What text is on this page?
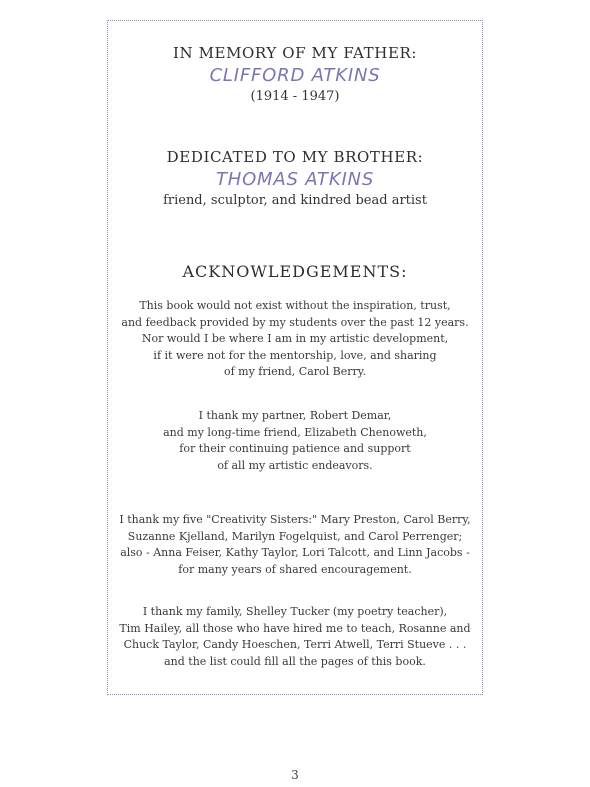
IN MEMORY OF MY FATHER:
CLIFFORD ATKINS
(1914 - 1947)
DEDICATED TO MY BROTHER:
THOMAS ATKINS
friend, sculptor, and kindred bead artist
ACKNOWLEDGEMENTS:
This book would not exist without the inspiration, trust,
and feedback provided by my students over the past 12 years.
Nor would I be where I am in my artistic development,
if it were not for the mentorship, love, and sharing
of my friend, Carol Berry.
I thank my partner, Robert Demar,
and my long-time friend, Elizabeth Chenoweth,
for their continuing patience and support
of all my artistic endeavors.
I thank my five "Creativity Sisters:" Mary Preston, Carol Berry,
Suzanne Kjelland, Marilyn Fogelquist, and Carol Perrenger;
also - Anna Feiser, Kathy Taylor, Lori Talcott, and Linn Jacobs -
for many years of shared encouragement.
I thank my family, Shelley Tucker (my poetry teacher),
Tim Hailey, all those who have hired me to teach, Rosanne and
Chuck Taylor, Candy Hoeschen, Terri Atwell, Terri Stueve . . .
and the list could fill all the pages of this book.
3
